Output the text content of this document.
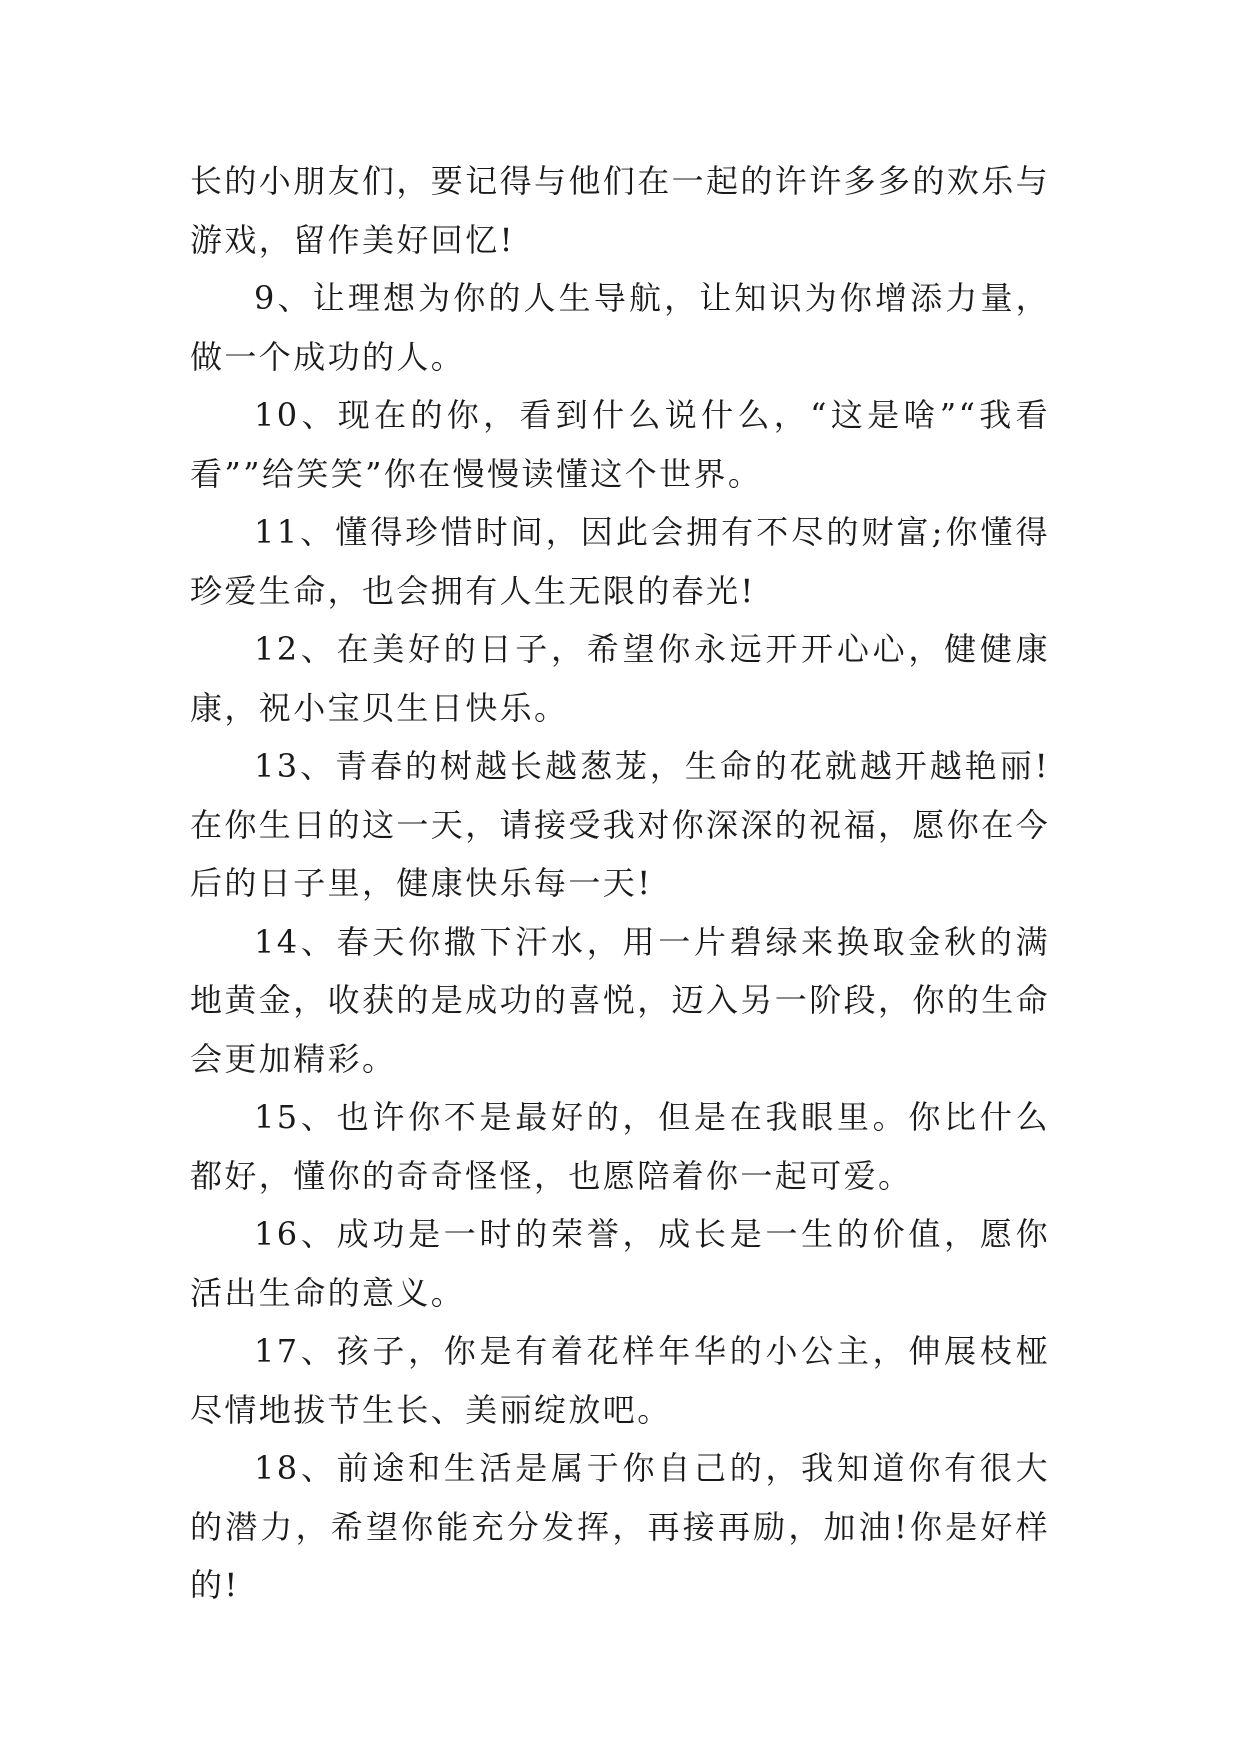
长的小朋友们，要记得与他们在一起的许许多多的欢乐与游戏，留作美好回忆!

9、让理想为你的人生导航，让知识为你增添力量，做一个成功的人。

10、现在的你，看到什么说什么，“这是啥”“我看看””给笑笑”你在慢慢读懂这个世界。

11、懂得珍惜时间，因此会拥有不尽的财富;你懂得珍爱生命，也会拥有人生无限的春光!

12、在美好的日子，希望你永远开开心心，健健康康，祝小宝贝生日快乐。

13、青春的树越长越葱茏，生命的花就越开越艳丽!在你生日的这一天，请接受我对你深深的祝福，愿你在今后的日子里，健康快乐每一天!

14、春天你撒下汗水，用一片碧绿来换取金秋的满地黄金，收获的是成功的喜悦，迈入另一阶段，你的生命会更加精彩。

15、也许你不是最好的，但是在我眼里。你比什么都好，懂你的奇奇怪怪，也愿陪着你一起可爱。

16、成功是一时的荣誉，成长是一生的价值，愿你活出生命的意义。

17、孩子，你是有着花样年华的小公主，伸展枝桠尽情地拔节生长、美丽绽放吧。

18、前途和生活是属于你自己的，我知道你有很大的潜力，希望你能充分发挥，再接再励，加油!你是好样的!
